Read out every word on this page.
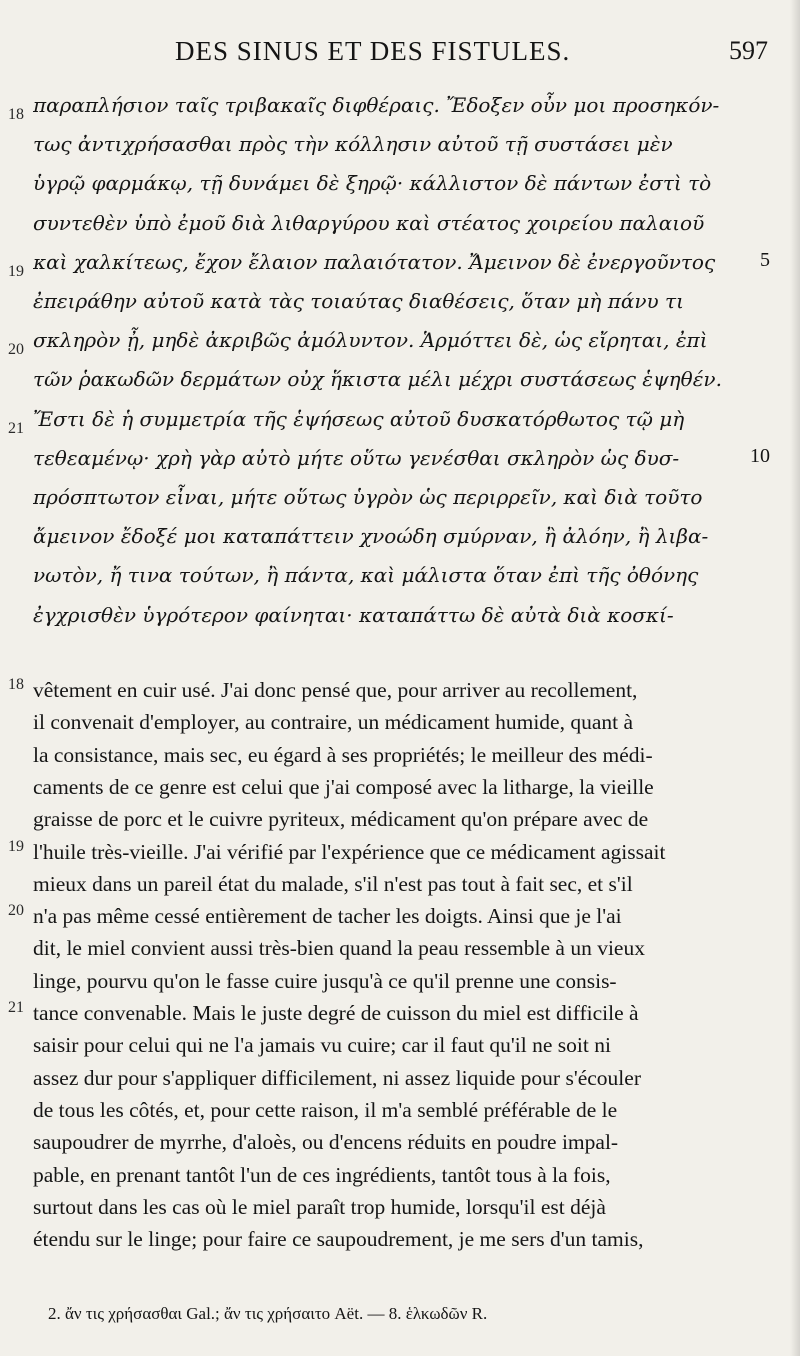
DES SINUS ET DES FISTULES.	597
18 παραπλήσιον ταῖς τριβακαῖς διφθέραις. Ἔδοξεν οὖν μοι προσηκόν-
τως ἀντιχρήσασθαι πρὸς τὴν κόλλησιν αὐτοῦ τῇ συστάσει μὲν
ὑγρῷ φαρμάκῳ, τῇ δυνάμει δὲ ξηρῷ· κάλλιστον δὲ πάντων ἐστὶ τὸ
συντεθὲν ὑπὸ ἐμοῦ διὰ λιθαργύρου καὶ στέατος χοιρείου παλαιοῦ
19 καὶ χαλκίτεως, ἔχον ἔλαιον παλαιότατον. Ἄμεινον δὲ ἐνεργοῦντος	5
ἐπειράθην αὐτοῦ κατὰ τὰς τοιαύτας διαθέσεις, ὅταν μὴ πάνυ τι
20 σκληρὸν ᾖ, μηδὲ ἀκριβῶς ἀμόλυντον. Ἁρμόττει δὲ, ὡς εἴρηται, ἐπὶ
τῶν ῥακωδῶν δερμάτων οὐχ ἥκιστα μέλι μέχρι συστάσεως ἑψηθέν.
21 Ἔστι δὲ ἡ συμμετρία τῆς ἑψήσεως αὐτοῦ δυσκατόρθωτος τῷ μὴ
τεθεαμένῳ· χρὴ γὰρ αὐτὸ μήτε οὕτω γενέσθαι σκληρὸν ὡς δυσ-	10
πρόσπτωτον εἶναι, μήτε οὕτως ὑγρὸν ὡς περιρρεῖν, καὶ διὰ τοῦτο
ἄμεινον ἔδοξέ μοι καταπάττειν χνοώδη σμύρναν, ἢ ἀλόην, ἢ λιβα-
νωτὸν, ἤ τινα τούτων, ἢ πάντα, καὶ μάλιστα ὅταν ἐπὶ τῆς ὀθόνης
ἐγχρισθὲν ὑγρότερον φαίνηται· καταπάττω δὲ αὐτὰ διὰ κοσκί-
18 vêtement en cuir usé. J'ai donc pensé que, pour arriver au recollement,
il convenait d'employer, au contraire, un médicament humide, quant à
la consistance, mais sec, eu égard à ses propriétés; le meilleur des médi-
caments de ce genre est celui que j'ai composé avec la litharge, la vieille
graisse de porc et le cuivre pyriteux, médicament qu'on prépare avec de
19 l'huile très-vieille. J'ai vérifié par l'expérience que ce médicament agissait
mieux dans un pareil état du malade, s'il n'est pas tout à fait sec, et s'il
20 n'a pas même cessé entièrement de tacher les doigts. Ainsi que je l'ai
dit, le miel convient aussi très-bien quand la peau ressemble à un vieux
linge, pourvu qu'on le fasse cuire jusqu'à ce qu'il prenne une consis-
21 tance convenable. Mais le juste degré de cuisson du miel est difficile à
saisir pour celui qui ne l'a jamais vu cuire; car il faut qu'il ne soit ni
assez dur pour s'appliquer difficilement, ni assez liquide pour s'écouler
de tous les côtés, et, pour cette raison, il m'a semblé préférable de le
saupoudrer de myrrhe, d'aloès, ou d'encens réduits en poudre impal-
pable, en prenant tantôt l'un de ces ingrédients, tantôt tous à la fois,
surtout dans les cas où le miel paraît trop humide, lorsqu'il est déjà
étendu sur le linge; pour faire ce saupoudrement, je me sers d'un tamis,
2. ἄν τις χρήσασθαι Gal.; ἄν τις χρήσαιτο Aët. — 8. ἑλκωδῶν R.
